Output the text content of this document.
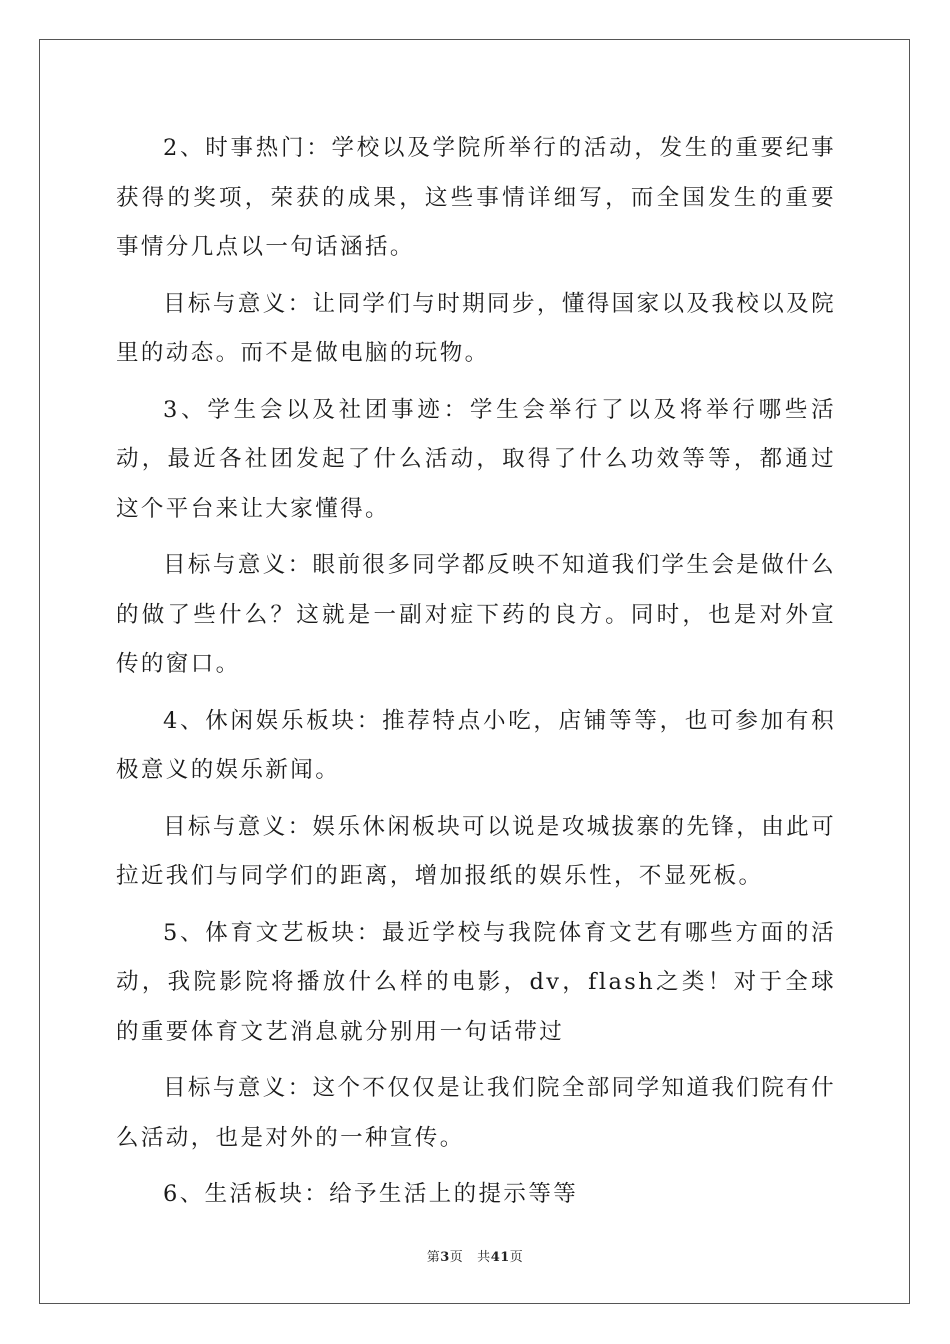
2、时事热门：学校以及学院所举行的活动，发生的重要纪事获得的奖项，荣获的成果，这些事情详细写，而全国发生的重要事情分几点以一句话涵括。

目标与意义：让同学们与时期同步，懂得国家以及我校以及院里的动态。而不是做电脑的玩物。

3、学生会以及社团事迹：学生会举行了以及将举行哪些活动，最近各社团发起了什么活动，取得了什么功效等等，都通过这个平台来让大家懂得。

目标与意义：眼前很多同学都反映不知道我们学生会是做什么的做了些什么？这就是一副对症下药的良方。同时，也是对外宣传的窗口。

4、休闲娱乐板块：推荐特点小吃，店铺等等，也可参加有积极意义的娱乐新闻。

目标与意义：娱乐休闲板块可以说是攻城拔寨的先锋，由此可拉近我们与同学们的距离，增加报纸的娱乐性，不显死板。

5、体育文艺板块：最近学校与我院体育文艺有哪些方面的活动，我院影院将播放什么样的电影，dv，flash之类！对于全球的重要体育文艺消息就分别用一句话带过

目标与意义：这个不仅仅是让我们院全部同学知道我们院有什么活动，也是对外的一种宣传。

6、生活板块：给予生活上的提示等等

第3页 共41页
